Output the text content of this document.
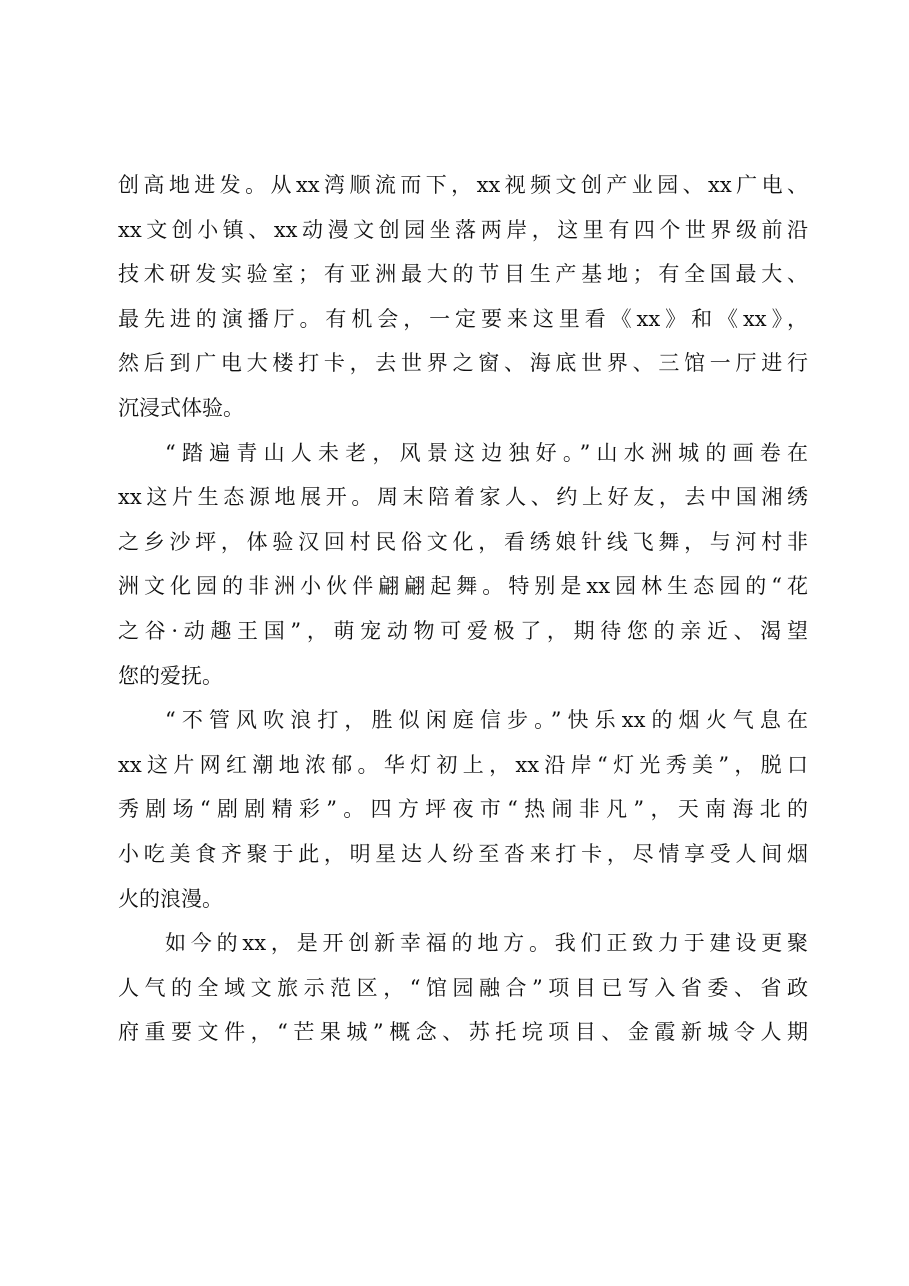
创高地进发。从xx湾顺流而下，xx视频文创产业园、xx广电、
xx文创小镇、xx动漫文创园坐落两岸，这里有四个世界级前沿
技术研发实验室；有亚洲最大的节目生产基地；有全国最大、
最先进的演播厅。有机会，一定要来这里看《xx》和《xx》，
然后到广电大楼打卡，去世界之窗、海底世界、三馆一厅进行
沉浸式体验。
“踏遍青山人未老，风景这边独好。”山水洲城的画卷在
xx这片生态源地展开。周末陪着家人、约上好友，去中国湘绣
之乡沙坪，体验汉回村民俗文化，看绣娘针线飞舞，与河村非
洲文化园的非洲小伙伴翩翩起舞。特别是xx园林生态园的“花
之谷·动趣王国”，萌宠动物可爱极了，期待您的亲近、渴望
您的爱抚。
“不管风吹浪打，胜似闲庭信步。”快乐xx的烟火气息在
xx这片网红潮地浓郁。华灯初上，xx沿岸“灯光秀美”，脱口
秀剧场“剧剧精彩”。四方坪夜市“热闹非凡”，天南海北的
小吃美食齐聚于此，明星达人纷至沓来打卡，尽情享受人间烟
火的浪漫。
如今的xx，是开创新幸福的地方。我们正致力于建设更聚
人气的全域文旅示范区，“馆园融合”项目已写入省委、省政
府重要文件，“芒果城”概念、苏托垸项目、金霞新城令人期
